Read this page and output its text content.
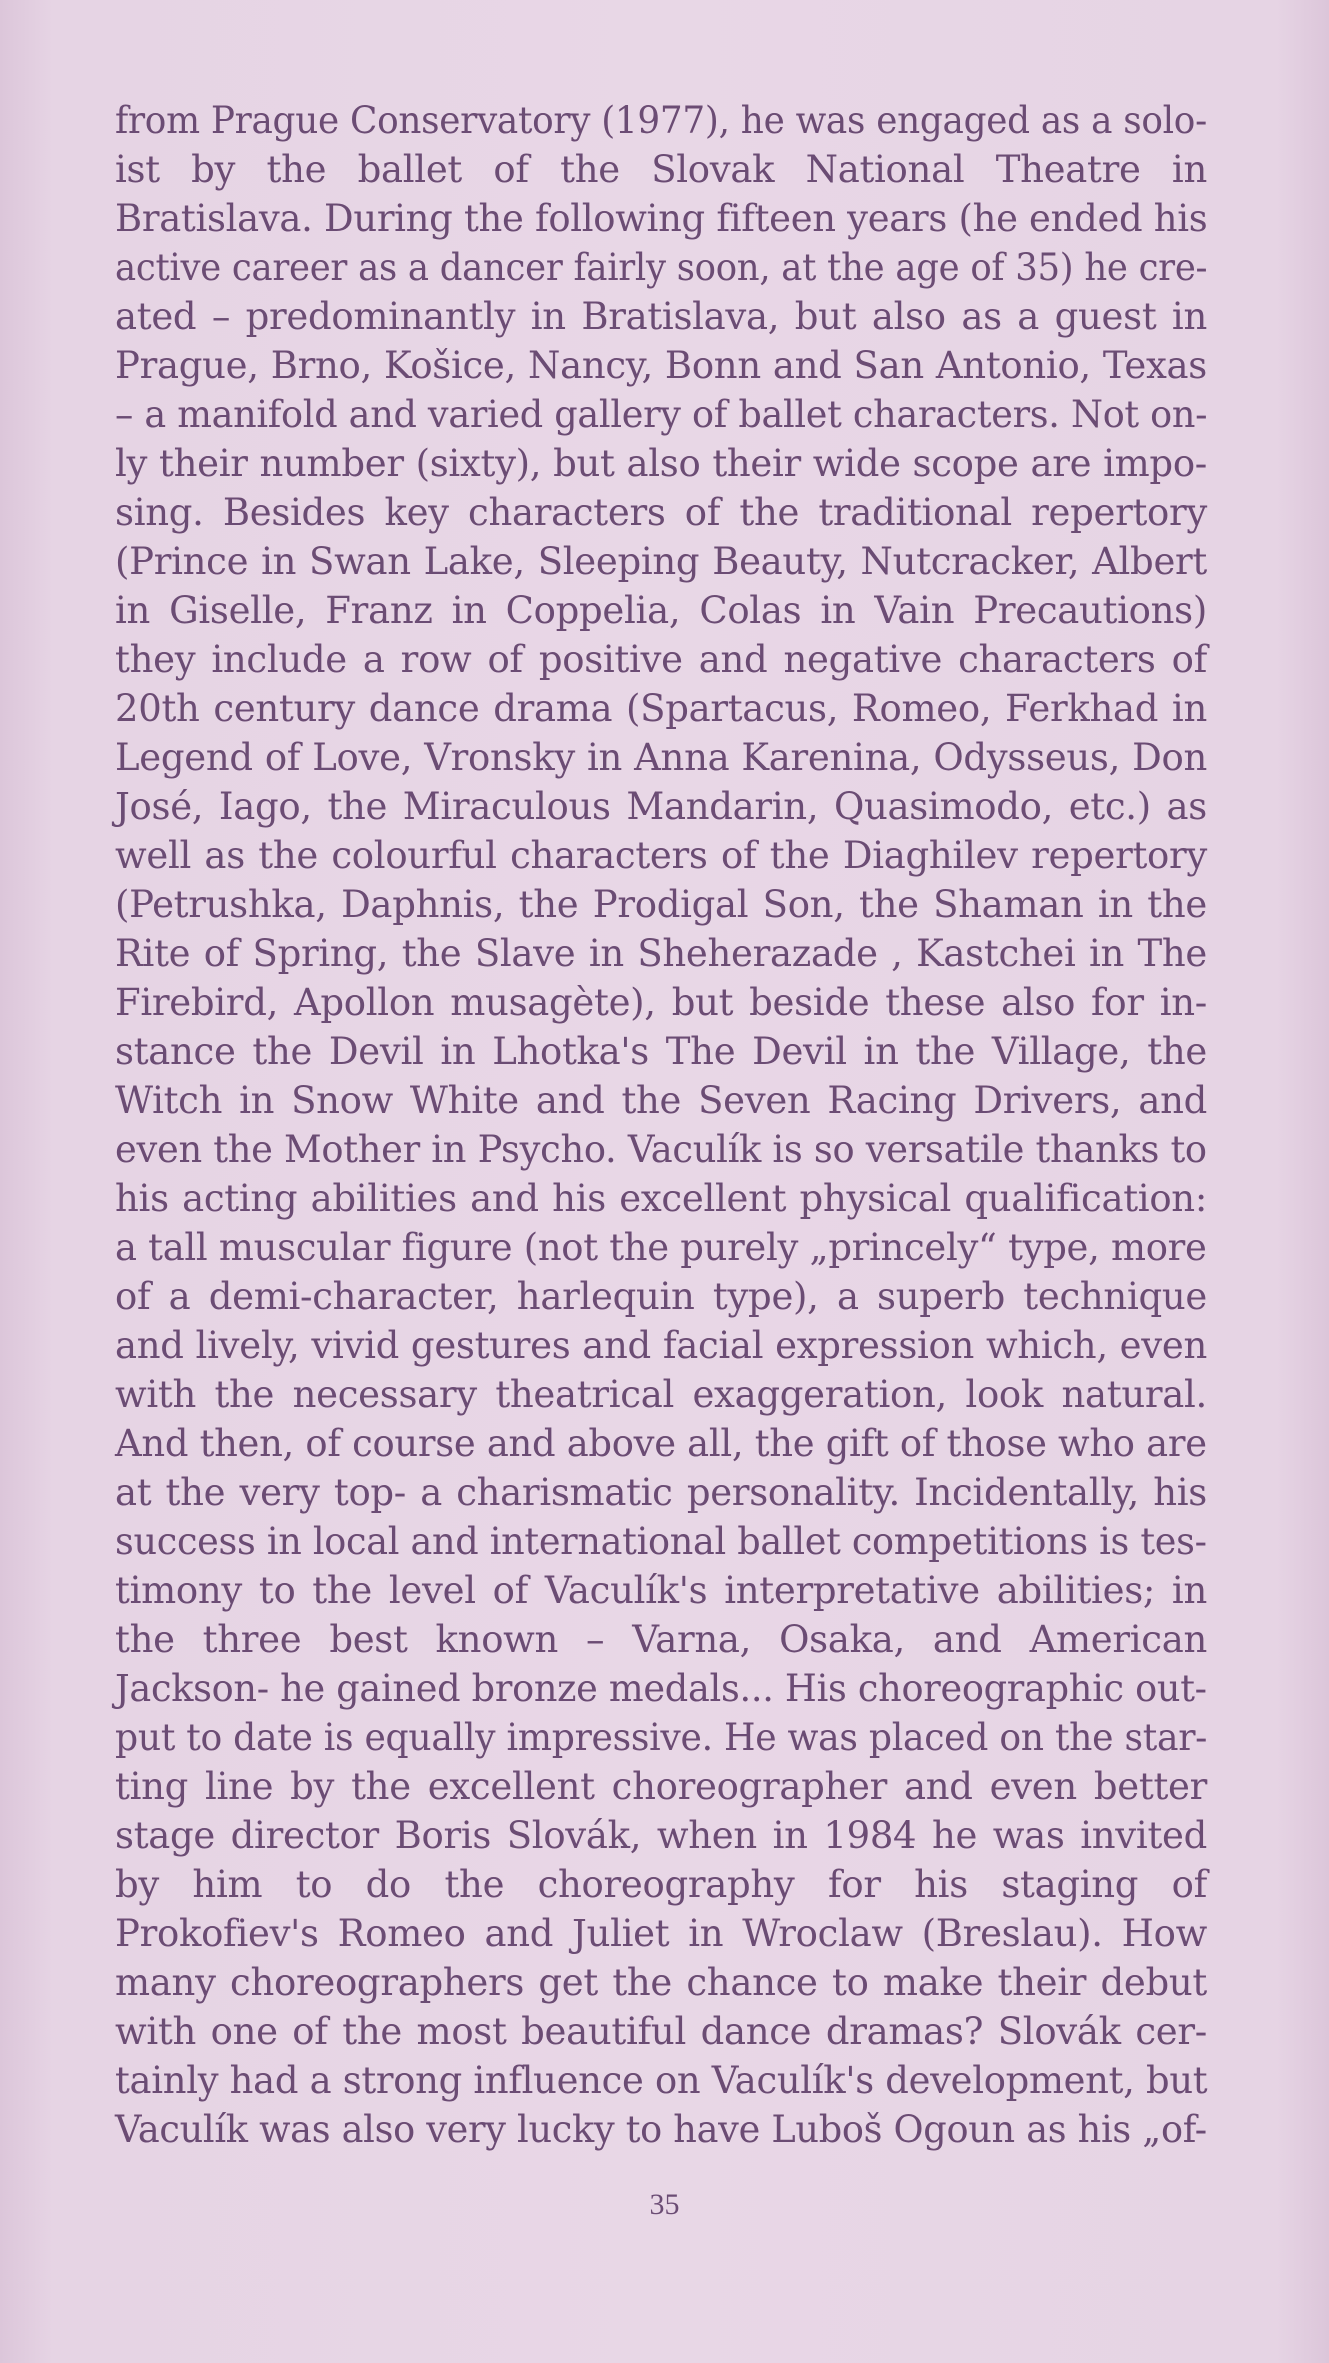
from Prague Conservatory (1977), he was engaged as a solo-
ist by the ballet of the Slovak National Theatre in
Bratislava. During the following fifteen years (he ended his
active career as a dancer fairly soon, at the age of 35) he cre-
ated – predominantly in Bratislava, but also as a guest in
Prague, Brno, Košice, Nancy, Bonn and San Antonio, Texas
– a manifold and varied gallery of ballet characters. Not on-
ly their number (sixty), but also their wide scope are impo-
sing. Besides key characters of the traditional repertory
(Prince in Swan Lake, Sleeping Beauty, Nutcracker, Albert
in Giselle, Franz in Coppelia, Colas in Vain Precautions)
they include a row of positive and negative characters of
20th century dance drama (Spartacus, Romeo, Ferkhad in
Legend of Love, Vronsky in Anna Karenina, Odysseus, Don
José, Iago, the Miraculous Mandarin, Quasimodo, etc.) as
well as the colourful characters of the Diaghilev repertory
(Petrushka, Daphnis, the Prodigal Son, the Shaman in the
Rite of Spring, the Slave in Sheherazade , Kastchei in The
Firebird, Apollon musagète), but beside these also for in-
stance the Devil in Lhotka's The Devil in the Village, the
Witch in Snow White and the Seven Racing Drivers, and
even the Mother in Psycho. Vaculík is so versatile thanks to
his acting abilities and his excellent physical qualification:
a tall muscular figure (not the purely „princely“ type, more
of a demi-character, harlequin type), a superb technique
and lively, vivid gestures and facial expression which, even
with the necessary theatrical exaggeration, look natural.
And then, of course and above all, the gift of those who are
at the very top- a charismatic personality. Incidentally, his
success in local and international ballet competitions is tes-
timony to the level of Vaculík's interpretative abilities; in
the three best known – Varna, Osaka, and American
Jackson- he gained bronze medals... His choreographic out-
put to date is equally impressive. He was placed on the star-
ting line by the excellent choreographer and even better
stage director Boris Slovák, when in 1984 he was invited
by him to do the choreography for his staging of
Prokofiev's Romeo and Juliet in Wroclaw (Breslau). How
many choreographers get the chance to make their debut
with one of the most beautiful dance dramas? Slovák cer-
tainly had a strong influence on Vaculík's development, but
Vaculík was also very lucky to have Luboš Ogoun as his „of-
35
